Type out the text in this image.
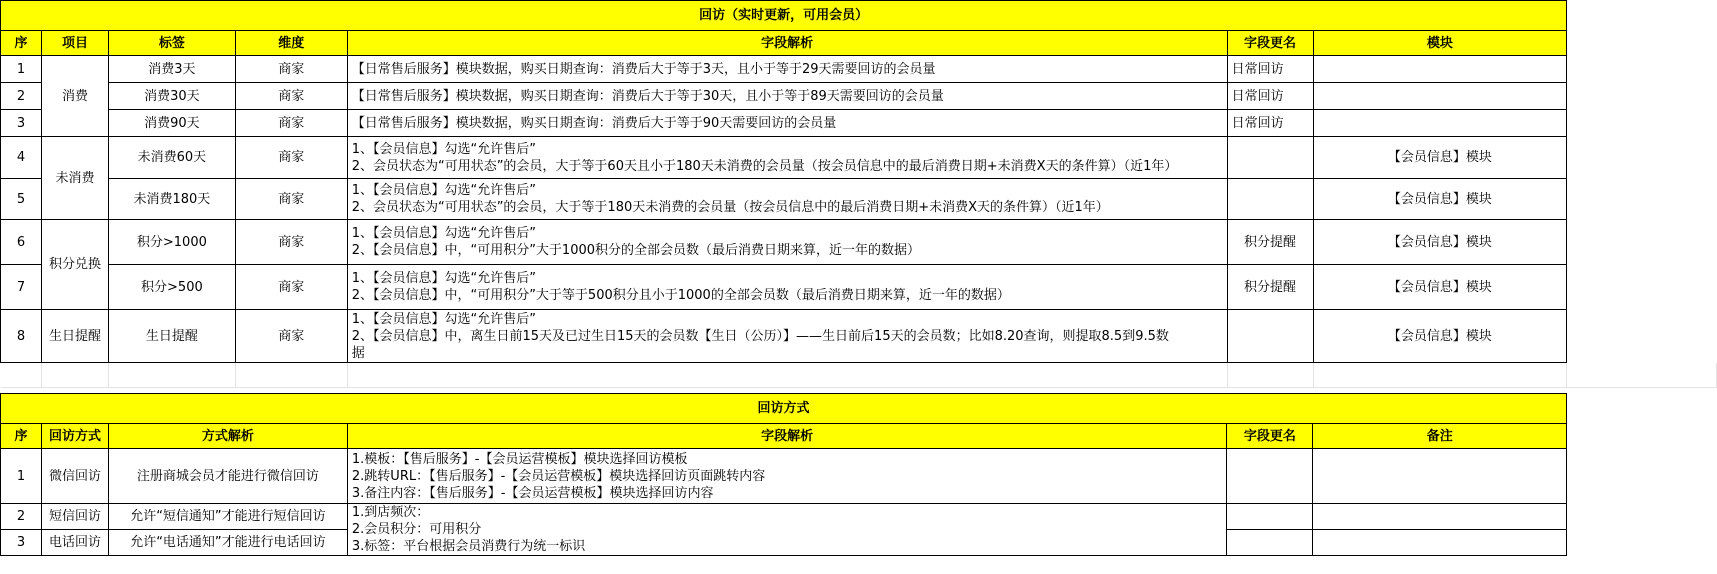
回访（实时更新，可用会员）							
序	项目	标签	维度	字段解析	字段更名	模块	
1	消费	消费3天	商家	【日常售后服务】模块数据，购买日期查询：消费后大于等于3天，且小于等于29天需要回访的会员量	日常回访		
2		消费30天	商家	【日常售后服务】模块数据，购买日期查询：消费后大于等于30天，且小于等于89天需要回访的会员量	日常回访		
3		消费90天	商家	【日常售后服务】模块数据，购买日期查询：消费后大于等于90天需要回访的会员量	日常回访		
4	未消费	未消费60天	商家	1、【会员信息】勾选“允许售后”
2、会员状态为“可用状态”的会员，大于等于60天且小于180天未消费的会员量（按会员信息中的最后消费日期+未消费X天的条件算）（近1年）		【会员信息】模块	
5		未消费180天	商家	1、【会员信息】勾选“允许售后”
2、会员状态为“可用状态”的会员，大于等于180天未消费的会员量（按会员信息中的最后消费日期+未消费X天的条件算）（近1年）		【会员信息】模块	
6	积分兑换	积分>1000	商家	1、【会员信息】勾选“允许售后”
2、【会员信息】中，“可用积分”大于1000积分的全部会员数（最后消费日期来算，近一年的数据）	积分提醒	【会员信息】模块	
7		积分>500	商家	1、【会员信息】勾选“允许售后”
2、【会员信息】中，“可用积分”大于等于500积分且小于1000的全部会员数（最后消费日期来算，近一年的数据）	积分提醒	【会员信息】模块	
8	生日提醒	生日提醒	商家	1、【会员信息】勾选“允许售后”
2、【会员信息】中，离生日前15天及已过生日15天的会员数【生日（公历）】——生日前后15天的会员数；比如8.20查询，则提取8.5到9.5数
据		【会员信息】模块	

回访方式						
序	回访方式	方式解析	字段解析	字段更名	备注	
1	微信回访	注册商城会员才能进行微信回访	1.模板：【售后服务】-【会员运营模板】模块选择回访模板
2.跳转URL：【售后服务】-【会员运营模板】模块选择回访页面跳转内容
3.备注内容：【售后服务】-【会员运营模板】模块选择回访内容			
2	短信回访	允许“短信通知”才能进行短信回访	1.到店频次：
2.会员积分：可用积分
3.标签：平台根据会员消费行为统一标识			
3	电话回访	允许“电话通知”才能进行电话回访				
